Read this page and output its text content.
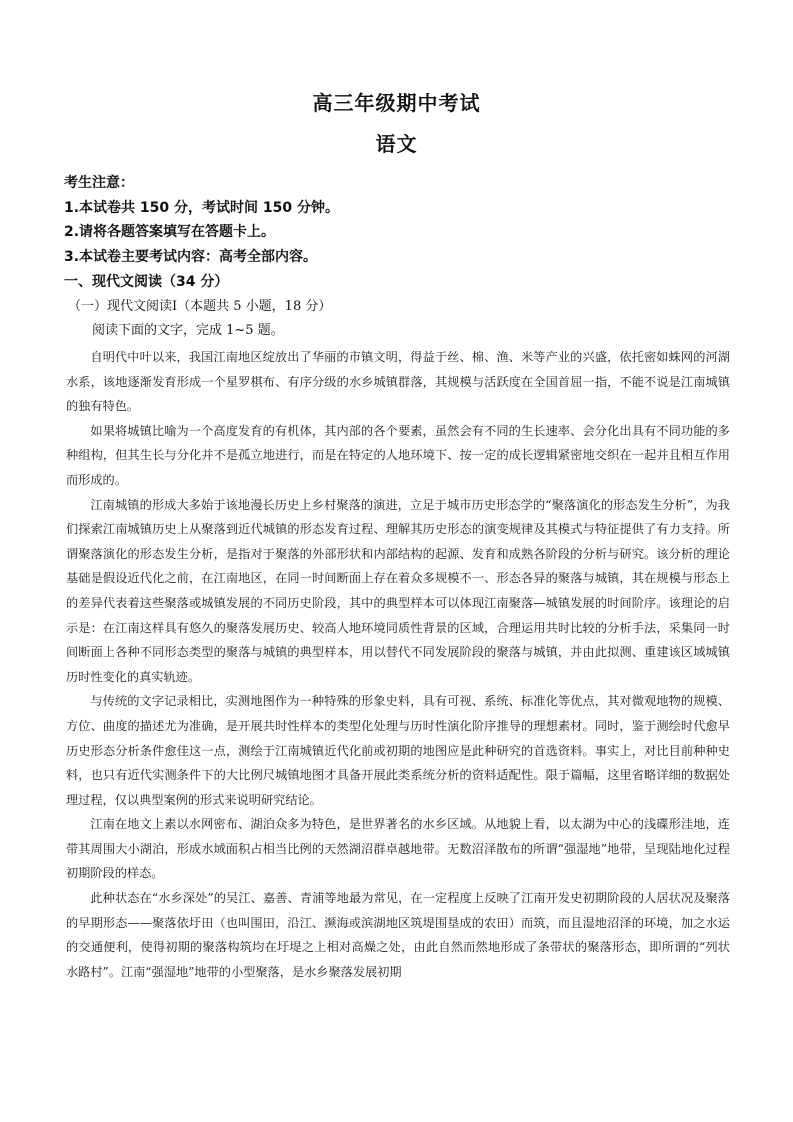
高三年级期中考试
语文
考生注意：
1.本试卷共 150 分，考试时间 150 分钟。
2.请将各题答案填写在答题卡上。
3.本试卷主要考试内容：高考全部内容。
一、现代文阅读（34 分）
（一）现代文阅读Ⅰ（本题共 5 小题，18 分）
阅读下面的文字，完成 1~5 题。

自明代中叶以来，我国江南地区绽放出了华丽的市镇文明，得益于丝、棉、渔、米等产业的兴盛，依托密如蛛网的河湖水系，该地逐渐发育形成一个星罗棋布、有序分级的水乡城镇群落，其规模与活跃度在全国首屈一指，不能不说是江南城镇的独有特色。

如果将城镇比喻为一个高度发育的有机体，其内部的各个要素，虽然会有不同的生长速率、会分化出具有不同功能的多种组构，但其生长与分化并不是孤立地进行，而是在特定的人地环境下、按一定的成长逻辑紧密地交织在一起并且相互作用而形成的。

江南城镇的形成大多始于该地漫长历史上乡村聚落的演进，立足于城市历史形态学的“聚落演化的形态发生分析”，为我们探索江南城镇历史上从聚落到近代城镇的形态发育过程、理解其历史形态的演变规律及其模式与特征提供了有力支持。所谓聚落演化的形态发生分析，是指对于聚落的外部形状和内部结构的起源、发育和成熟各阶段的分析与研究。该分析的理论基础是假设近代化之前，在江南地区，在同一时间断面上存在着众多规模不一、形态各异的聚落与城镇，其在规模与形态上的差异代表着这些聚落或城镇发展的不同历史阶段，其中的典型样本可以体现江南聚落—城镇发展的时间阶序。该理论的启示是：在江南这样具有悠久的聚落发展历史、较高人地环境同质性背景的区域，合理运用共时比较的分析手法，采集同一时间断面上各种不同形态类型的聚落与城镇的典型样本，用以替代不同发展阶段的聚落与城镇，并由此拟测、重建该区域城镇历时性变化的真实轨迹。

与传统的文字记录相比，实测地图作为一种特殊的形象史料，具有可视、系统、标准化等优点，其对微观地物的规模、方位、曲度的描述尤为准确，是开展共时性样本的类型化处理与历时性演化阶序推导的理想素材。同时，鉴于测绘时代愈早历史形态分析条件愈佳这一点，测绘于江南城镇近代化前或初期的地图应是此种研究的首选资料。事实上，对比目前种种史料，也只有近代实测条件下的大比例尺城镇地图才具备开展此类系统分析的资料适配性。限于篇幅，这里省略详细的数据处理过程，仅以典型案例的形式来说明研究结论。

江南在地文上素以水网密布、湖泊众多为特色，是世界著名的水乡区域。从地貌上看，以太湖为中心的浅碟形洼地，连带其周围大小湖泊，形成水域面积占相当比例的天然湖沼群卓越地带。无数沼泽散布的所谓“强湿地”地带，呈现陆地化过程初期阶段的样态。

此种状态在“水乡深处”的吴江、嘉善、青浦等地最为常见，在一定程度上反映了江南开发史初期阶段的人居状况及聚落的早期形态——聚落依圩田（也叫围田，沿江、濒海或滨湖地区筑堤围垦成的农田）而筑，而且湿地沼泽的环境，加之水运的交通便利，使得初期的聚落构筑均在圩堤之上相对高燥之处，由此自然而然地形成了条带状的聚落形态，即所谓的“列状水路村”。江南“强湿地”地带的小型聚落，是水乡聚落发展初期
